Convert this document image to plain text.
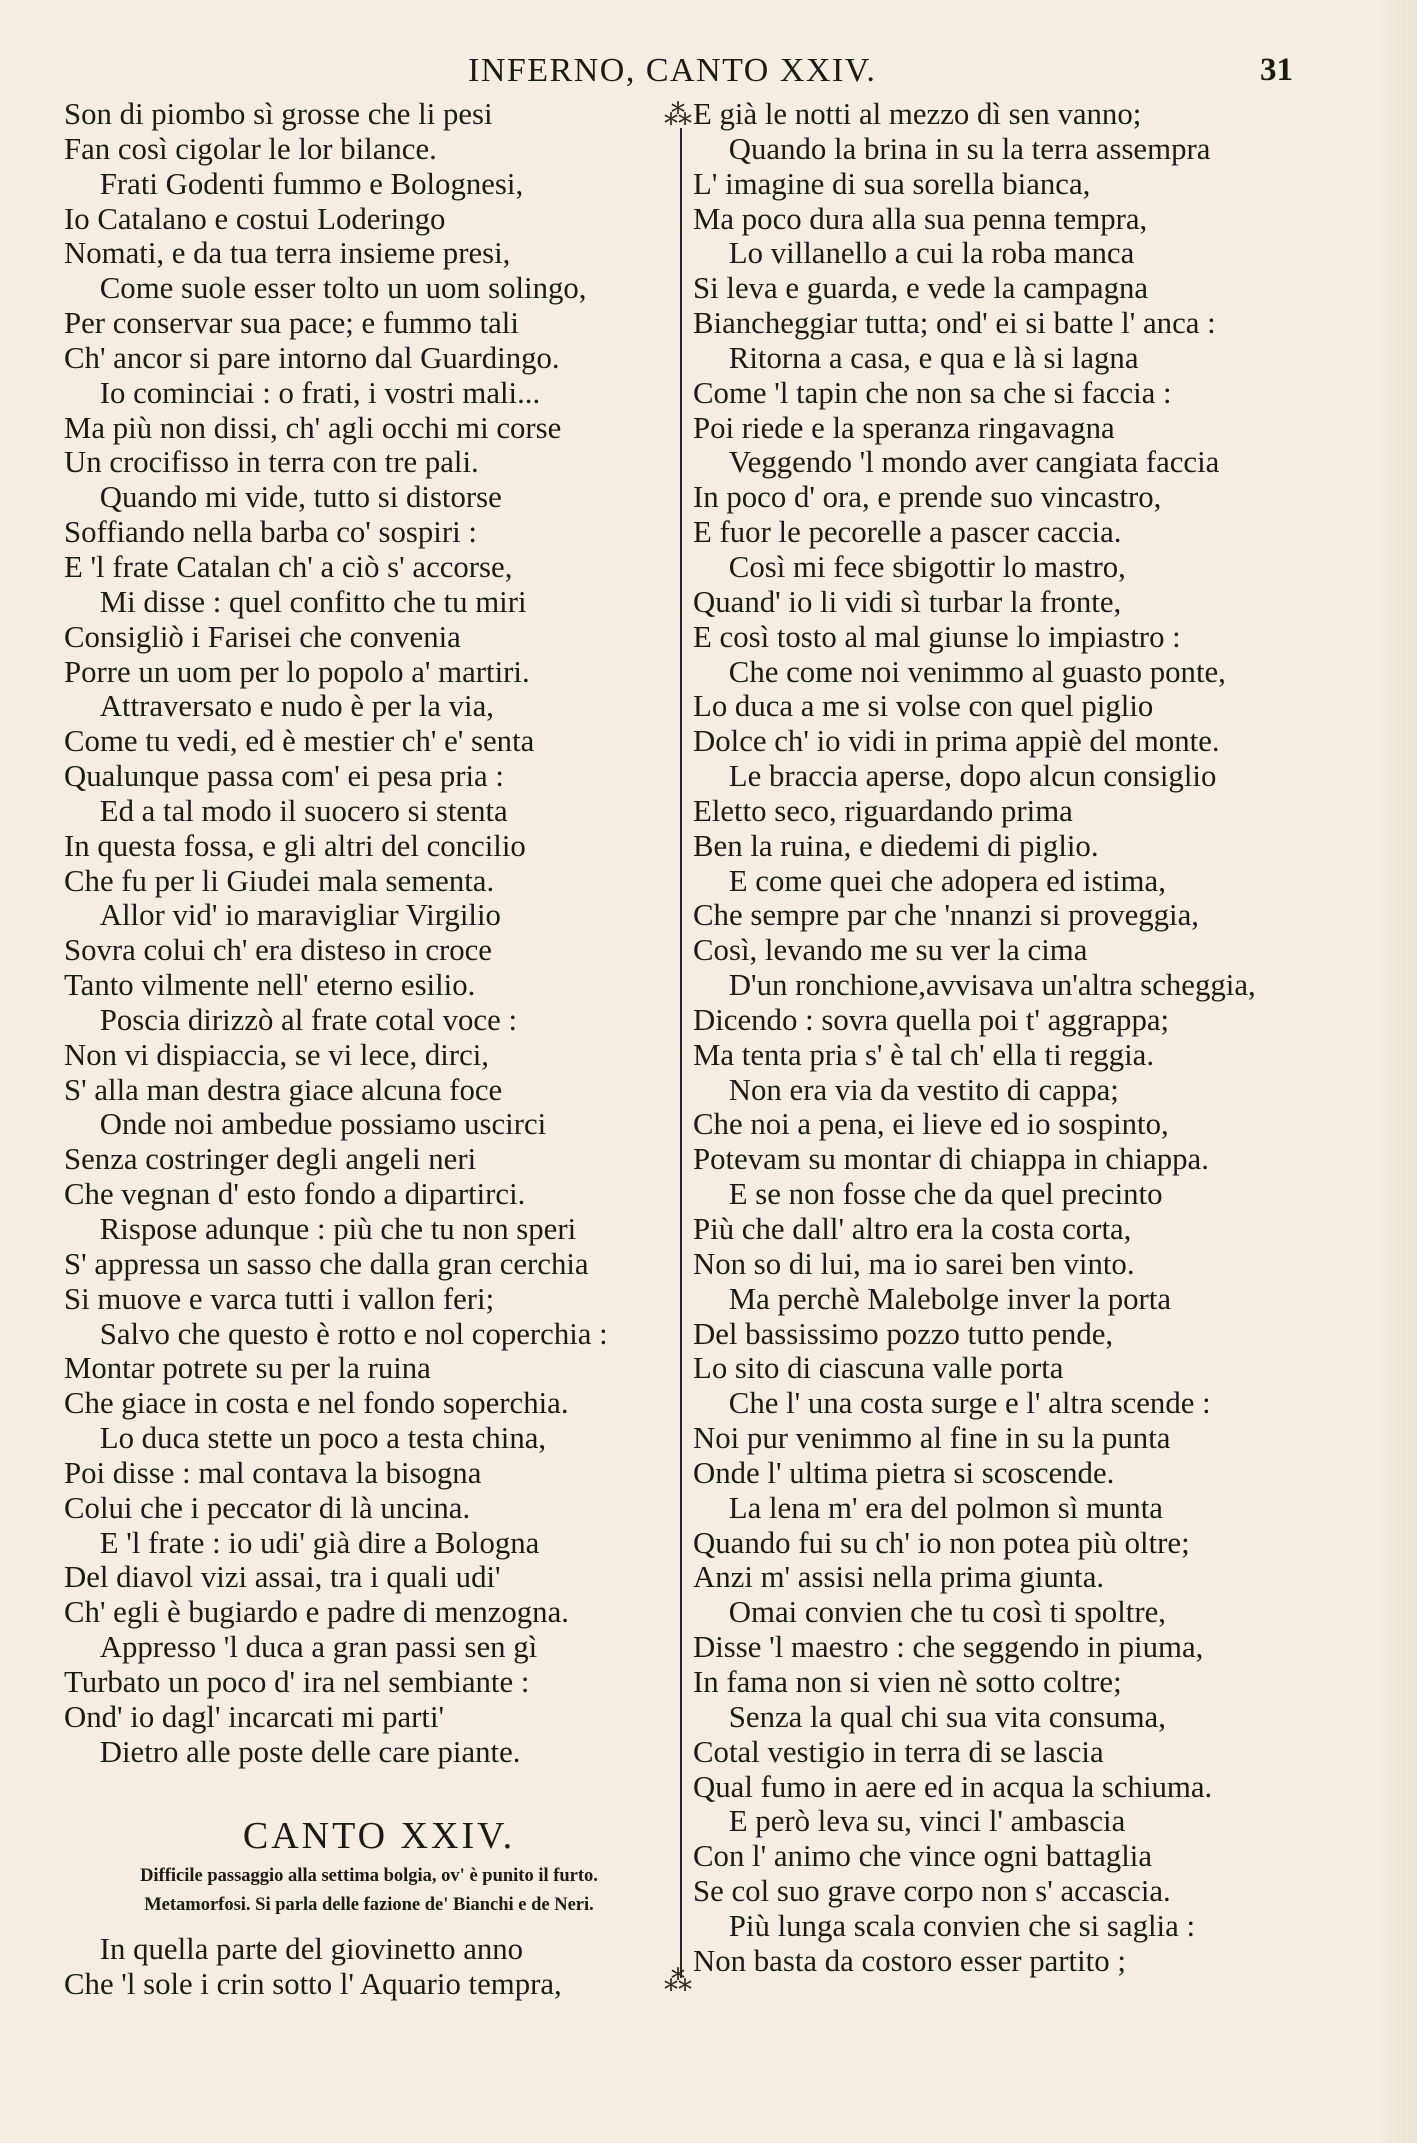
INFERNO, CANTO XXIV.	31
Son di piombo sì grosse che li pesi
Fan così cigolar le lor bilance.
Frati Godenti fummo e Bolognesi,
Io Catalano e costui Loderingo
Nomati, e da tua terra insieme presi,
Come suole esser tolto un uom solingo,
Per conservar sua pace; e fummo tali
Ch' ancor si pare intorno dal Guardingo.
Io cominciai : o frati, i vostri mali...
Ma più non dissi, ch' agli occhi mi corse
Un crocifisso in terra con tre pali.
Quando mi vide, tutto si distorse
Soffiando nella barba co' sospiri :
E 'l frate Catalan ch' a ciò s' accorse,
Mi disse : quel confitto che tu miri
Consigliò i Farisei che convenia
Porre un uom per lo popolo a' martiri.
Attraversato e nudo è per la via,
Come tu vedi, ed è mestier ch' e' senta
Qualunque passa com' ei pesa pria :
Ed a tal modo il suocero si stenta
In questa fossa, e gli altri del concilio
Che fu per li Giudei mala sementa.
Allor vid' io maravigliar Virgilio
Sovra colui ch' era disteso in croce
Tanto vilmente nell' eterno esilio.
Poscia dirizzò al frate cotal voce :
Non vi dispiaccia, se vi lece, dirci,
S' alla man destra giace alcuna foce
Onde noi ambedue possiamo uscirci
Senza costringer degli angeli neri
Che vegnan d' esto fondo a dipartirci.
Rispose adunque : più che tu non speri
S' appressa un sasso che dalla gran cerchia
Si muove e varca tutti i vallon feri;
Salvo che questo è rotto e nol coperchia :
Montar potrete su per la ruina
Che giace in costa e nel fondo soperchia.
Lo duca stette un poco a testa china,
Poi disse : mal contava la bisogna
Colui che i peccator di là uncina.
E 'l frate : io udi' già dire a Bologna
Del diavol vizi assai, tra i quali udi'
Ch' egli è bugiardo e padre di menzogna.
Appresso 'l duca a gran passi sen gì
Turbato un poco d' ira nel sembiante :
Ond' io dagl' incarcati mi parti'
Dietro alle poste delle care piante.
⁂
⁂
CANTO XXIV.
Difficile passaggio alla settima bolgia, ov' è punito il furto.
Metamorfosi. Si parla delle fazione de' Bianchi e de Neri.
In quella parte del giovinetto anno
Che 'l sole i crin sotto l' Aquario tempra,
E già le notti al mezzo dì sen vanno;
Quando la brina in su la terra assempra
L' imagine di sua sorella bianca,
Ma poco dura alla sua penna tempra,
Lo villanello a cui la roba manca
Si leva e guarda, e vede la campagna
Biancheggiar tutta; ond' ei si batte l' anca :
Ritorna a casa, e qua e là si lagna
Come 'l tapin che non sa che si faccia :
Poi riede e la speranza ringavagna
Veggendo 'l mondo aver cangiata faccia
In poco d' ora, e prende suo vincastro,
E fuor le pecorelle a pascer caccia.
Così mi fece sbigottir lo mastro,
Quand' io li vidi sì turbar la fronte,
E così tosto al mal giunse lo impiastro :
Che come noi venimmo al guasto ponte,
Lo duca a me si volse con quel piglio
Dolce ch' io vidi in prima appiè del monte.
Le braccia aperse, dopo alcun consiglio
Eletto seco, riguardando prima
Ben la ruina, e diedemi di piglio.
E come quei che adopera ed istima,
Che sempre par che 'nnanzi si proveggia,
Così, levando me su ver la cima
D'un ronchione,avvisava un'altra scheggia,
Dicendo : sovra quella poi t' aggrappa;
Ma tenta pria s' è tal ch' ella ti reggia.
Non era via da vestito di cappa;
Che noi a pena, ei lieve ed io sospinto,
Potevam su montar di chiappa in chiappa.
E se non fosse che da quel precinto
Più che dall' altro era la costa corta,
Non so di lui, ma io sarei ben vinto.
Ma perchè Malebolge inver la porta
Del bassissimo pozzo tutto pende,
Lo sito di ciascuna valle porta
Che l' una costa surge e l' altra scende :
Noi pur venimmo al fine in su la punta
Onde l' ultima pietra si scoscende.
La lena m' era del polmon sì munta
Quando fui su ch' io non potea più oltre;
Anzi m' assisi nella prima giunta.
Omai convien che tu così ti spoltre,
Disse 'l maestro : che seggendo in piuma,
In fama non si vien nè sotto coltre;
Senza la qual chi sua vita consuma,
Cotal vestigio in terra di se lascia
Qual fumo in aere ed in acqua la schiuma.
E però leva su, vinci l' ambascia
Con l' animo che vince ogni battaglia
Se col suo grave corpo non s' accascia.
Più lunga scala convien che si saglia :
Non basta da costoro esser partito ;
